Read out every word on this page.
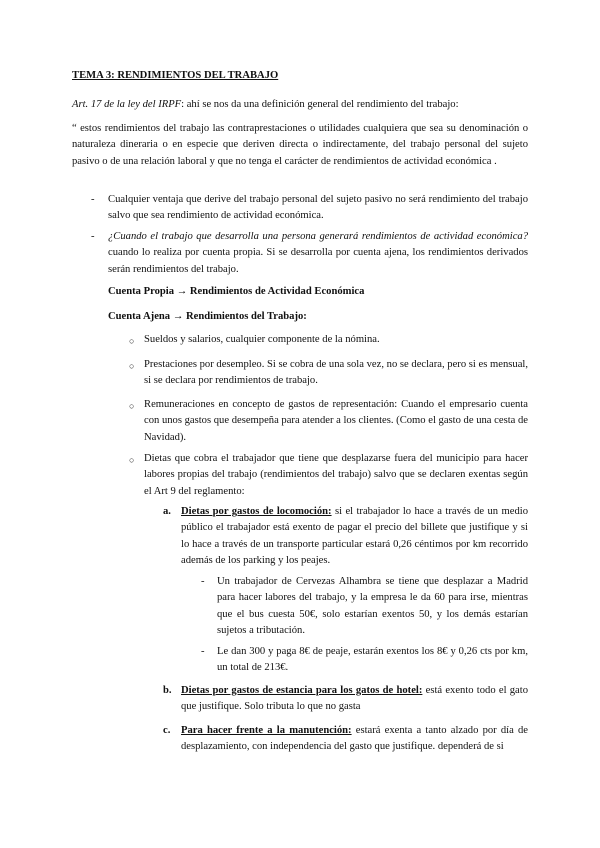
TEMA 3: RENDIMIENTOS DEL TRABAJO

Art. 17 de la ley del IRPF: ahí se nos da una definición general del rendimiento del trabajo:

“ estos rendimientos del trabajo las contraprestaciones o utilidades cualquiera que sea su denominación o naturaleza dineraria o en especie que deriven directa o indirectamente, del trabajo personal del sujeto pasivo o de una relación laboral y que no tenga el carácter de rendimientos de actividad económica .

- Cualquier ventaja que derive del trabajo personal del sujeto pasivo no será rendimiento del trabajo salvo que sea rendimiento de actividad económica.

- ¿Cuando el trabajo que desarrolla una persona generará rendimientos de actividad económica? cuando lo realiza por cuenta propia. Si se desarrolla por cuenta ajena, los rendimientos derivados serán rendimientos del trabajo.

Cuenta Propia → Rendimientos de Actividad Económica

Cuenta Ajena → Rendimientos del Trabajo:

○ Sueldos y salarios, cualquier componente de la nómina.

○ Prestaciones por desempleo. Si se cobra de una sola vez, no se declara, pero si es mensual, si se declara por rendimientos de trabajo.

○ Remuneraciones en concepto de gastos de representación: Cuando el empresario cuenta con unos gastos que desempeña para atender a los clientes. (Como el gasto de una cesta de Navidad).

○ Dietas que cobra el trabajador que tiene que desplazarse fuera del municipio para hacer labores propias del trabajo (rendimientos del trabajo) salvo que se declaren exentas según el Art 9 del reglamento:

a. Dietas por gastos de locomoción: si el trabajador lo hace a través de un medio público el trabajador está exento de pagar el precio del billete que justifique y si lo hace a través de un transporte particular estará 0,26 céntimos por km recorrido además de los parking y los peajes.

- Un trabajador de Cervezas Alhambra se tiene que desplazar a Madrid para hacer labores del trabajo, y la empresa le da 60 para irse, mientras que el bus cuesta 50€, solo estarían exentos 50, y los demás estarían sujetos a tributación.

- Le dan 300 y paga 8€ de peaje, estarán exentos los 8€ y 0,26 cts por km, un total de 213€.

b. Dietas por gastos de estancia para los gatos de hotel: está exento todo el gato que justifique. Solo tributa lo que no gasta

c. Para hacer frente a la manutención: estará exenta a tanto alzado por día de desplazamiento, con independencia del gasto que justifique. dependerá de si
